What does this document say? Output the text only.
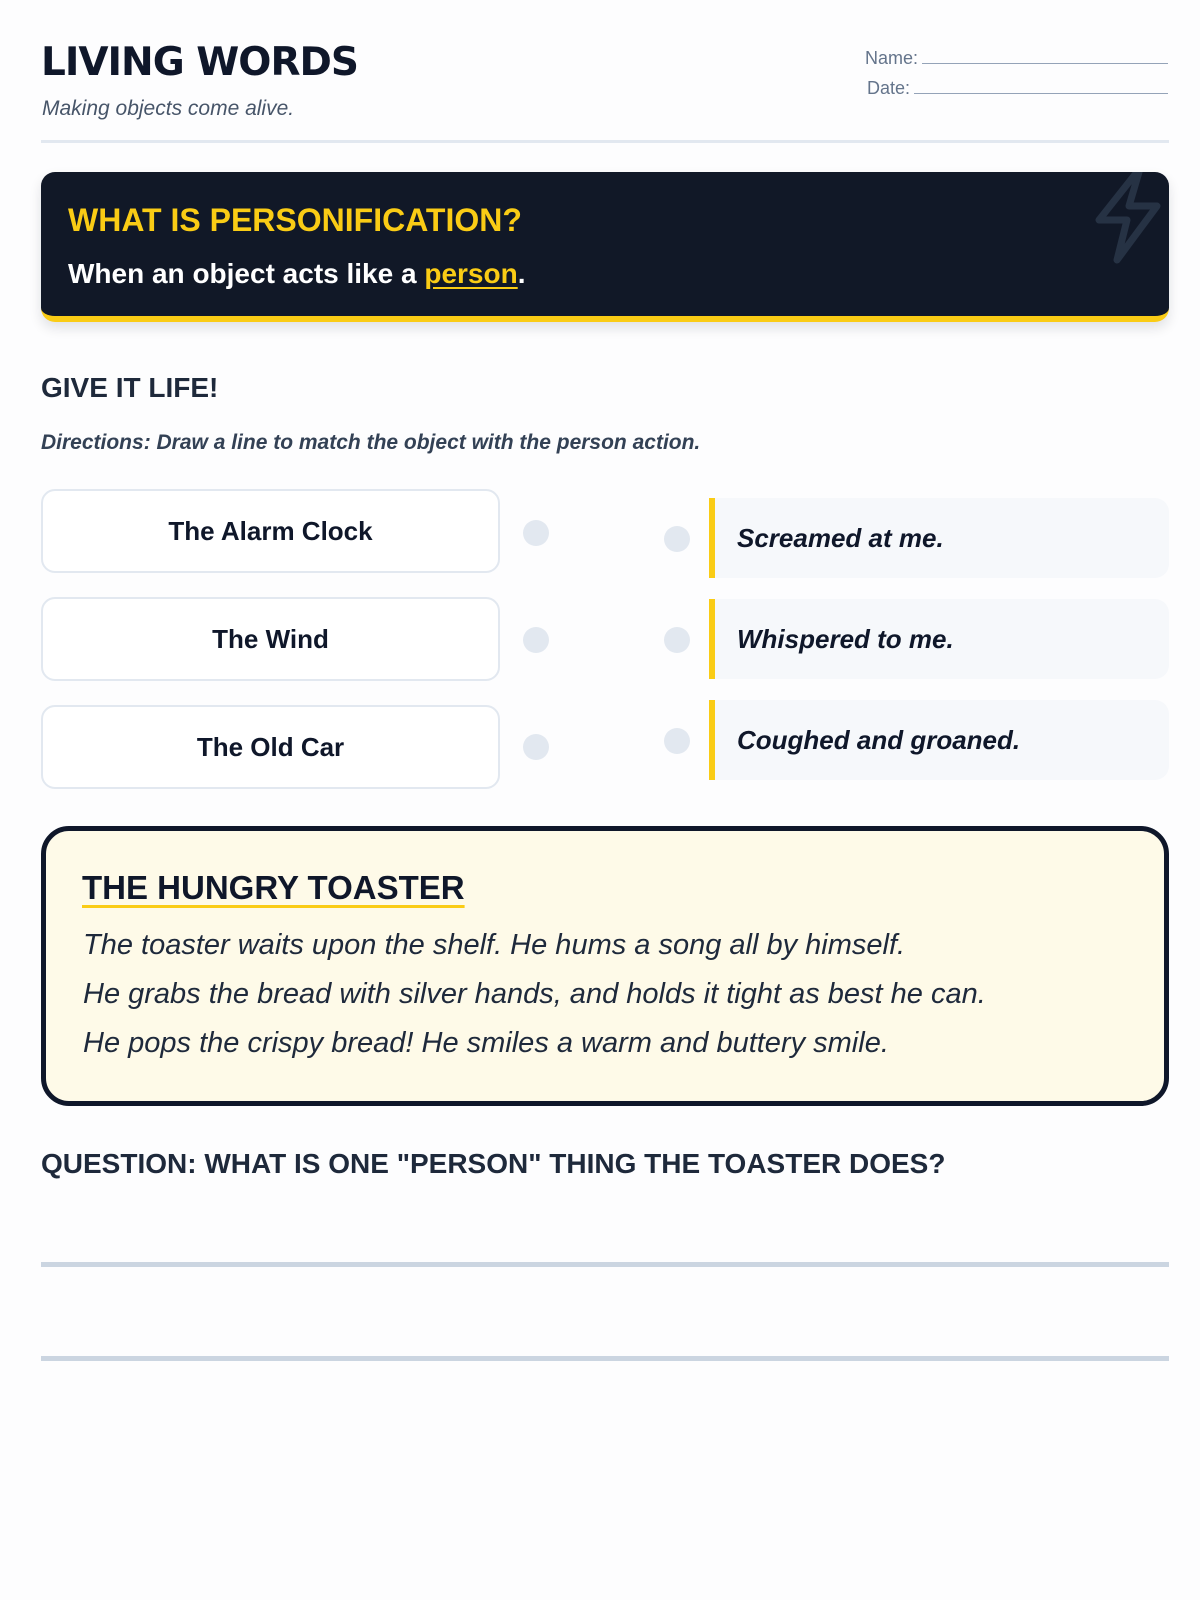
LIVING WORDS
Making objects come alive.
Name:
Date:
WHAT IS PERSONIFICATION?
When an object acts like a person.
GIVE IT LIFE!
Directions: Draw a line to match the object with the person action.
The Alarm Clock	Screamed at me.
The Wind	Whispered to me.
The Old Car	Coughed and groaned.
THE HUNGRY TOASTER
The toaster waits upon the shelf. He hums a song all by himself.
He grabs the bread with silver hands, and holds it tight as best he can.
He pops the crispy bread! He smiles a warm and buttery smile.
QUESTION: WHAT IS ONE "PERSON" THING THE TOASTER DOES?
